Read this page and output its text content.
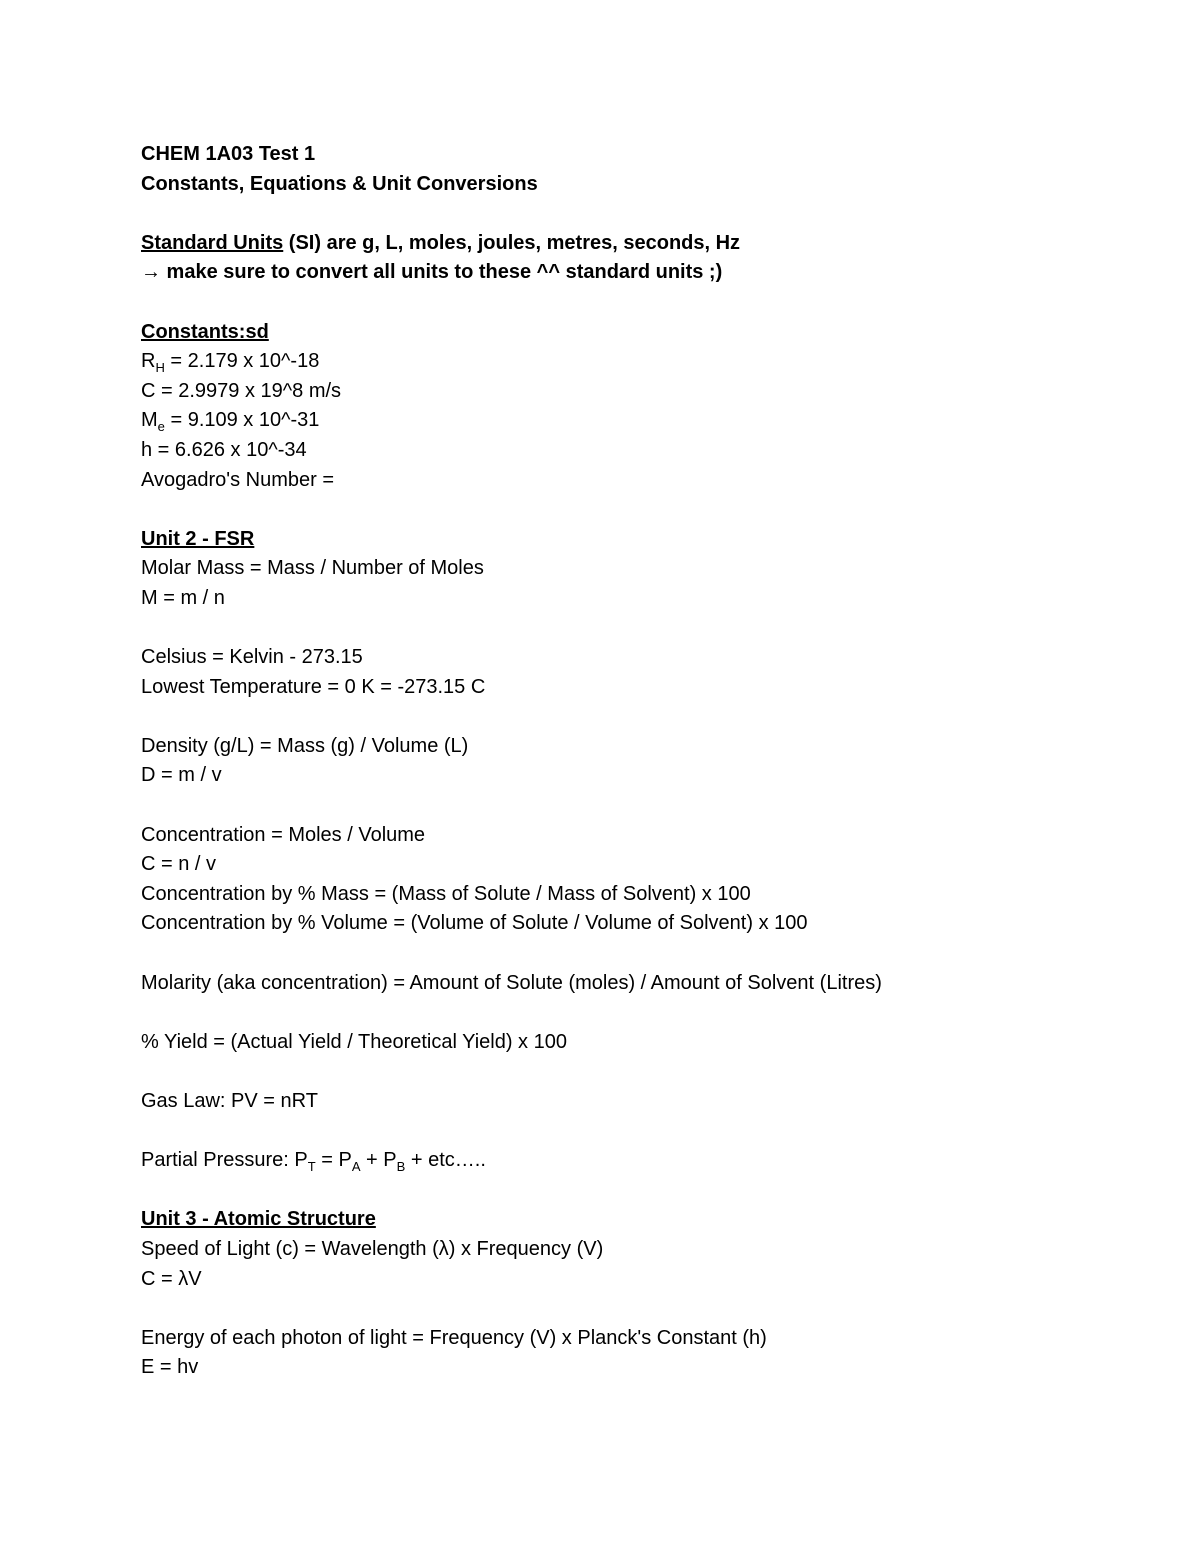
CHEM 1A03 Test 1
Constants, Equations & Unit Conversions
Standard Units (SI) are g, L, moles, joules, metres, seconds, Hz
→ make sure to convert all units to these ^^ standard units ;)
Constants:sd
$R_H = 2.179$ x 10^-18
C = 2.9979 x 19^8 m/s
$M_e = 9.109$ x 10^-31
h = 6.626 x 10^-34
Avogadro's Number =
Unit 2 - FSR
Molar Mass = Mass / Number of Moles
M = m / n
Celsius = Kelvin - 273.15
Lowest Temperature = 0 K = -273.15 C
Density (g/L) = Mass (g) / Volume (L)
D = m / v
Concentration = Moles / Volume
C = n / v
Concentration by % Mass = (Mass of Solute / Mass of Solvent) x 100
Concentration by % Volume = (Volume of Solute / Volume of Solvent) x 100
Molarity (aka concentration) = Amount of Solute (moles) / Amount of Solvent (Litres)
% Yield = (Actual Yield / Theoretical Yield) x 100
Gas Law: PV = nRT
Partial Pressure: $P_T = P_A + P_B$ + etc…..
Unit 3 - Atomic Structure
Speed of Light (c) = Wavelength (λ) x Frequency (V)
C = λV
Energy of each photon of light = Frequency (V) x Planck's Constant (h)
E = hv
